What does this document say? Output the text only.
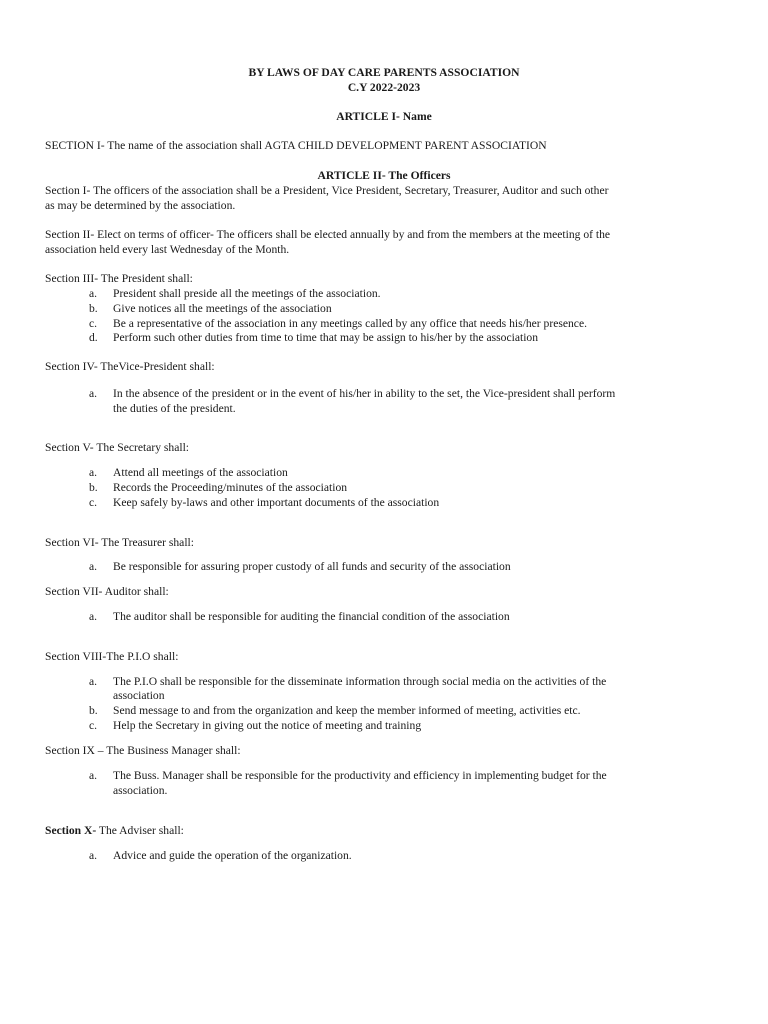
BY LAWS OF DAY CARE PARENTS ASSOCIATION
C.Y 2022-2023
ARTICLE I- Name
SECTION I- The name of the association shall AGTA CHILD DEVELOPMENT PARENT ASSOCIATION
ARTICLE II- The Officers
Section I- The officers of the association shall be a President, Vice President, Secretary, Treasurer, Auditor and such other
as may be determined by the association.
Section II- Elect on terms of officer- The officers shall be elected annually by and from the members at the meeting of the
association held every last Wednesday of the Month.
Section III- The President shall:
a. President shall preside all the meetings of the association.
b. Give notices all the meetings of the association
c. Be a representative of the association in any meetings called by any office that needs his/her presence.
d. Perform such other duties from time to time that may be assign to his/her by the association
Section IV- TheVice-President shall:
a. In the absence of the president or in the event of his/her in ability to the set, the Vice-president shall perform
the duties of the president.
Section V- The Secretary shall:
a. Attend all meetings of the association
b. Records the Proceeding/minutes of the association
c. Keep safely by-laws and other important documents of the association
Section VI- The Treasurer shall:
a. Be responsible for assuring proper custody of all funds and security of the association
Section VII- Auditor shall:
a. The auditor shall be responsible for auditing the financial condition of the association
Section VIII-The P.I.O shall:
a. The P.I.O shall be responsible for the disseminate information through social media on the activities of the
association
b. Send message to and from the organization and keep the member informed of meeting, activities etc.
c. Help the Secretary in giving out the notice of meeting and training
Section IX – The Business Manager shall:
a. The Buss. Manager shall be responsible for the productivity and efficiency in implementing budget for the
association.
Section X- The Adviser shall:
a. Advice and guide the operation of the organization.
